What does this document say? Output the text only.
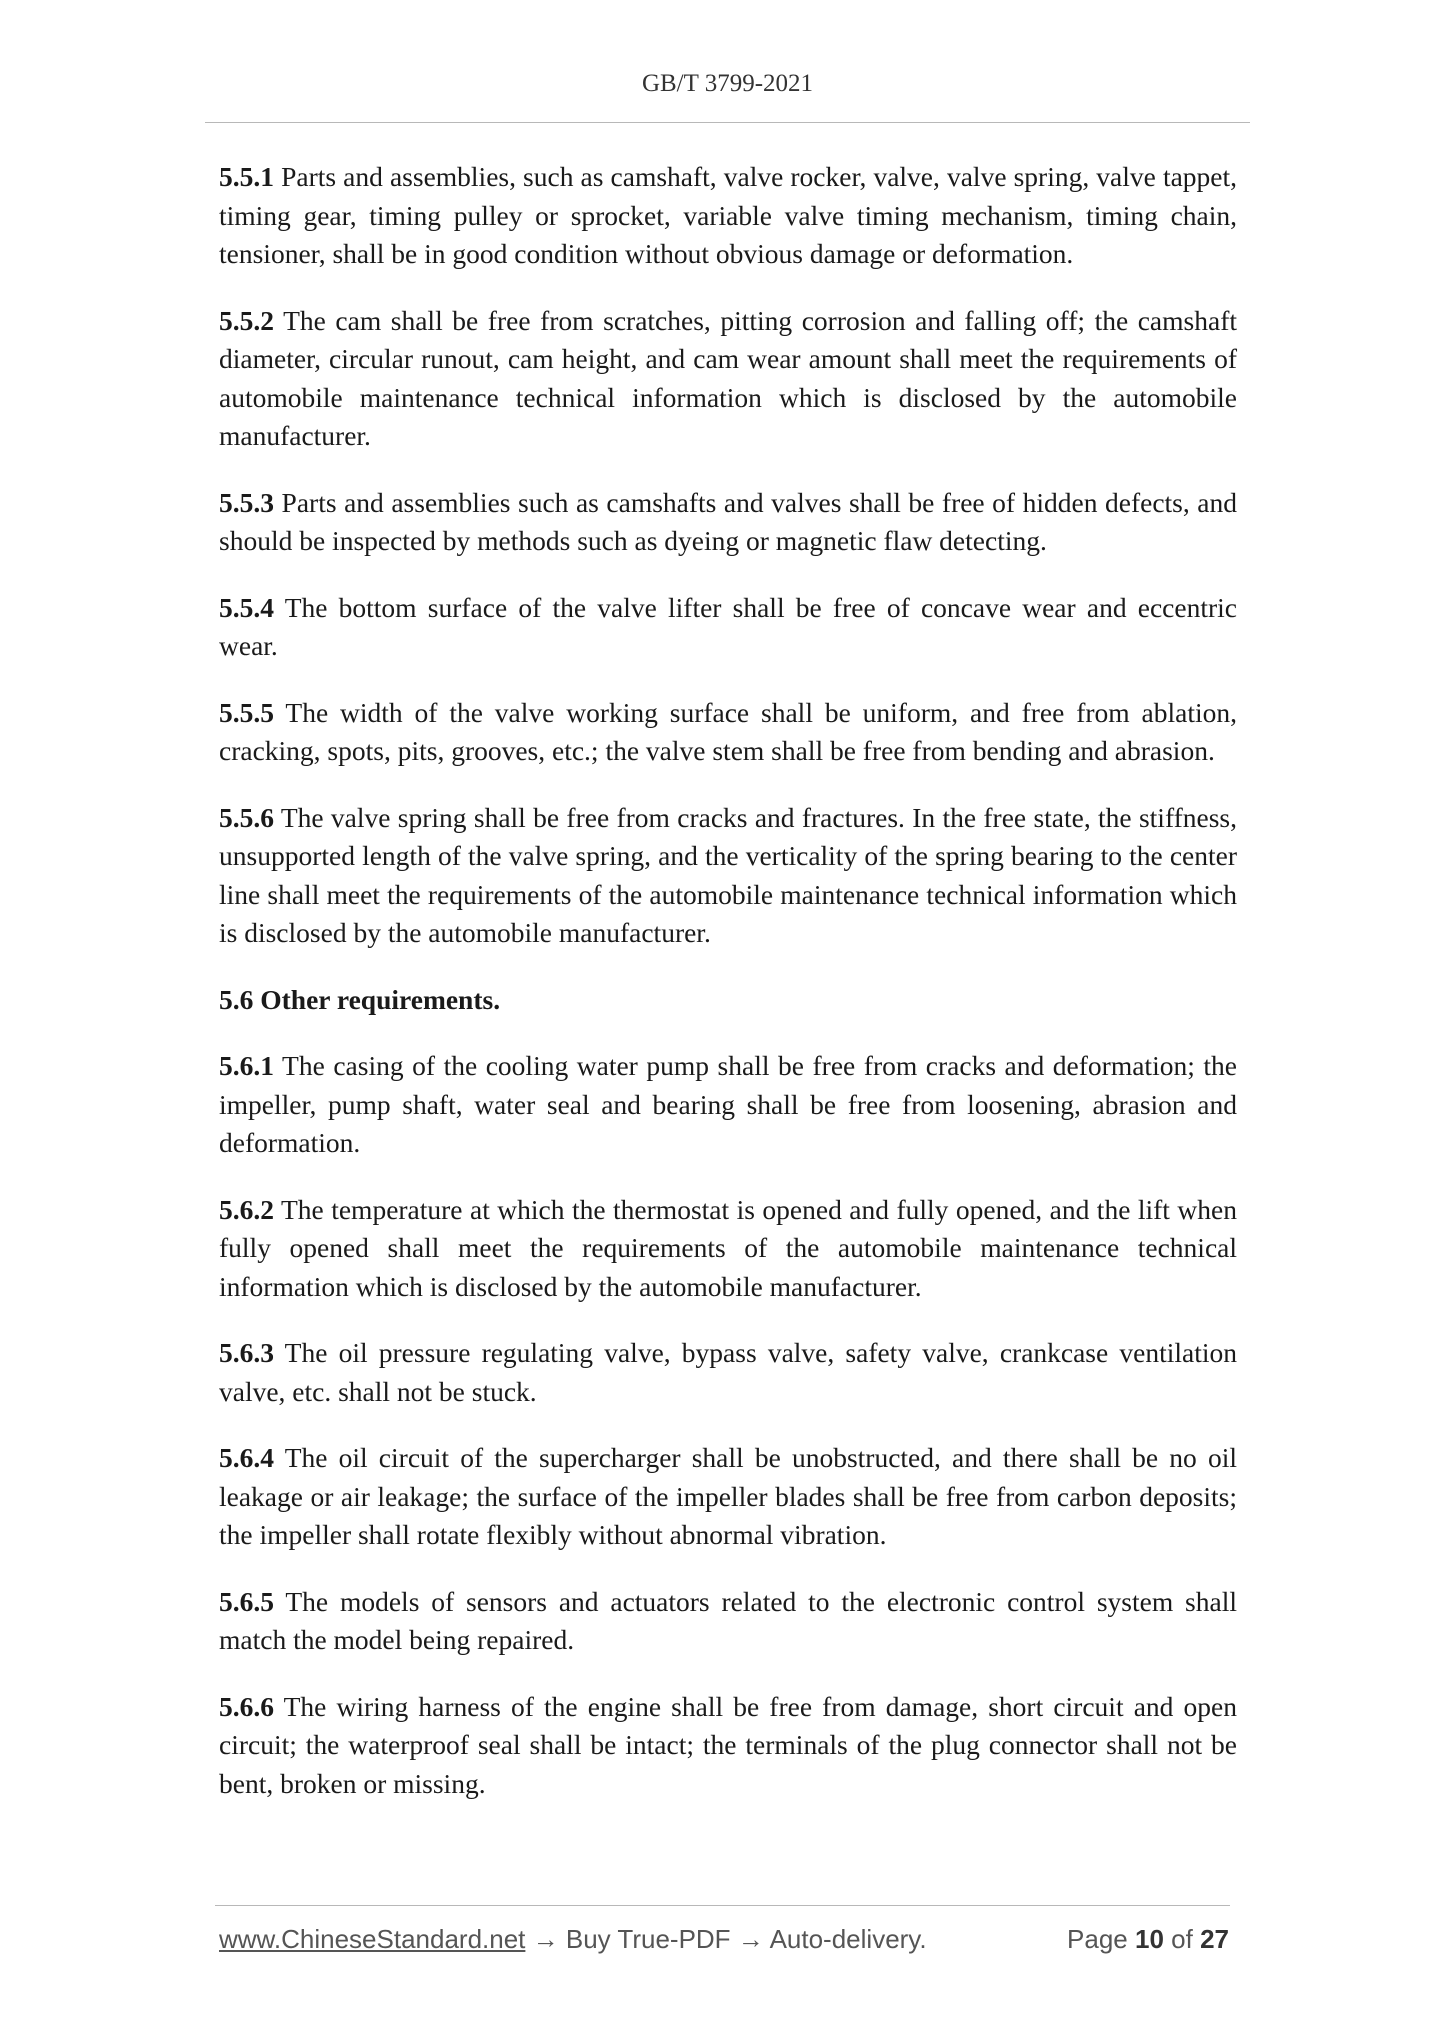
GB/T 3799-2021

5.5.1 Parts and assemblies, such as camshaft, valve rocker, valve, valve spring, valve tappet, timing gear, timing pulley or sprocket, variable valve timing mechanism, timing chain, tensioner, shall be in good condition without obvious damage or deformation.

5.5.2 The cam shall be free from scratches, pitting corrosion and falling off; the camshaft diameter, circular runout, cam height, and cam wear amount shall meet the requirements of automobile maintenance technical information which is disclosed by the automobile manufacturer.

5.5.3 Parts and assemblies such as camshafts and valves shall be free of hidden defects, and should be inspected by methods such as dyeing or magnetic flaw detecting.

5.5.4 The bottom surface of the valve lifter shall be free of concave wear and eccentric wear.

5.5.5 The width of the valve working surface shall be uniform, and free from ablation, cracking, spots, pits, grooves, etc.; the valve stem shall be free from bending and abrasion.

5.5.6 The valve spring shall be free from cracks and fractures. In the free state, the stiffness, unsupported length of the valve spring, and the verticality of the spring bearing to the center line shall meet the requirements of the automobile maintenance technical information which is disclosed by the automobile manufacturer.

5.6 Other requirements.

5.6.1 The casing of the cooling water pump shall be free from cracks and deformation; the impeller, pump shaft, water seal and bearing shall be free from loosening, abrasion and deformation.

5.6.2 The temperature at which the thermostat is opened and fully opened, and the lift when fully opened shall meet the requirements of the automobile maintenance technical information which is disclosed by the automobile manufacturer.

5.6.3 The oil pressure regulating valve, bypass valve, safety valve, crankcase ventilation valve, etc. shall not be stuck.

5.6.4 The oil circuit of the supercharger shall be unobstructed, and there shall be no oil leakage or air leakage; the surface of the impeller blades shall be free from carbon deposits; the impeller shall rotate flexibly without abnormal vibration.

5.6.5 The models of sensors and actuators related to the electronic control system shall match the model being repaired.

5.6.6 The wiring harness of the engine shall be free from damage, short circuit and open circuit; the waterproof seal shall be intact; the terminals of the plug connector shall not be bent, broken or missing.

www.ChineseStandard.net → Buy True-PDF → Auto-delivery.	Page 10 of 27
